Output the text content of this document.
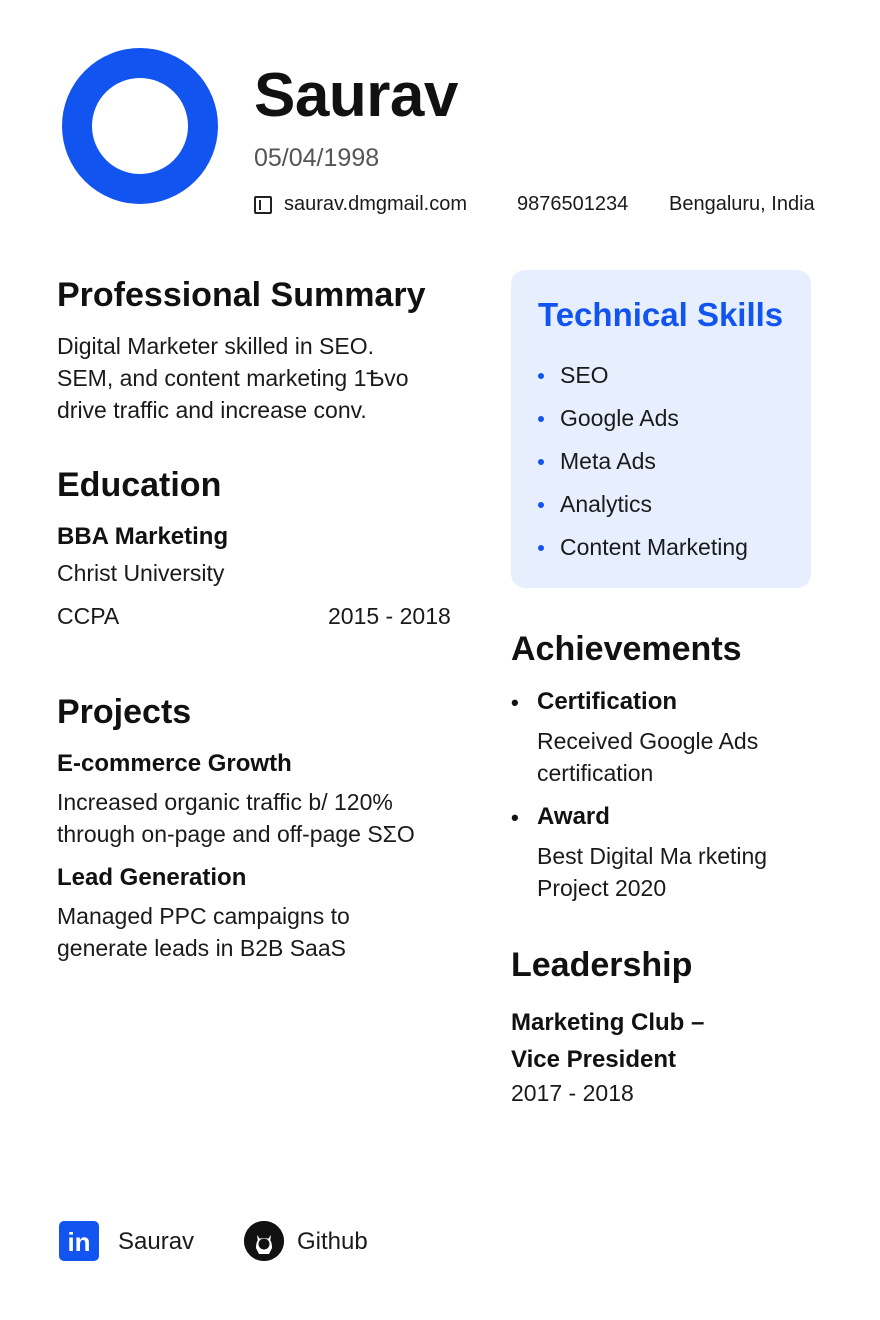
Saurav
05/04/1998
saurav.dmgmail.com 9876501234 Bengaluru, India
Professional Summary
Digital Marketer skilled in SEO.
SEM, and content marketing 1Ѣvo
drive traffic and increase conv.
Education
BBA Marketing
Christ University
CCPA	2015 - 2018
Projects
E-commerce Growth
Increased organic traffic b/ 120%
through on-page and off-page SΣO
Lead Generation
Managed PPC campaigns to
generate leads in B2B SaaS
Technical Skills
SEO
Google Ads
Meta Ads
Analytics
Content Marketing
Achievements
• Certification
Received Google Ads
certification
• Award
Best Digital Ma rketing
Project 2020
Leadership
Marketing Club –
Vice President
2017 - 2018
in	Saurav	Github
